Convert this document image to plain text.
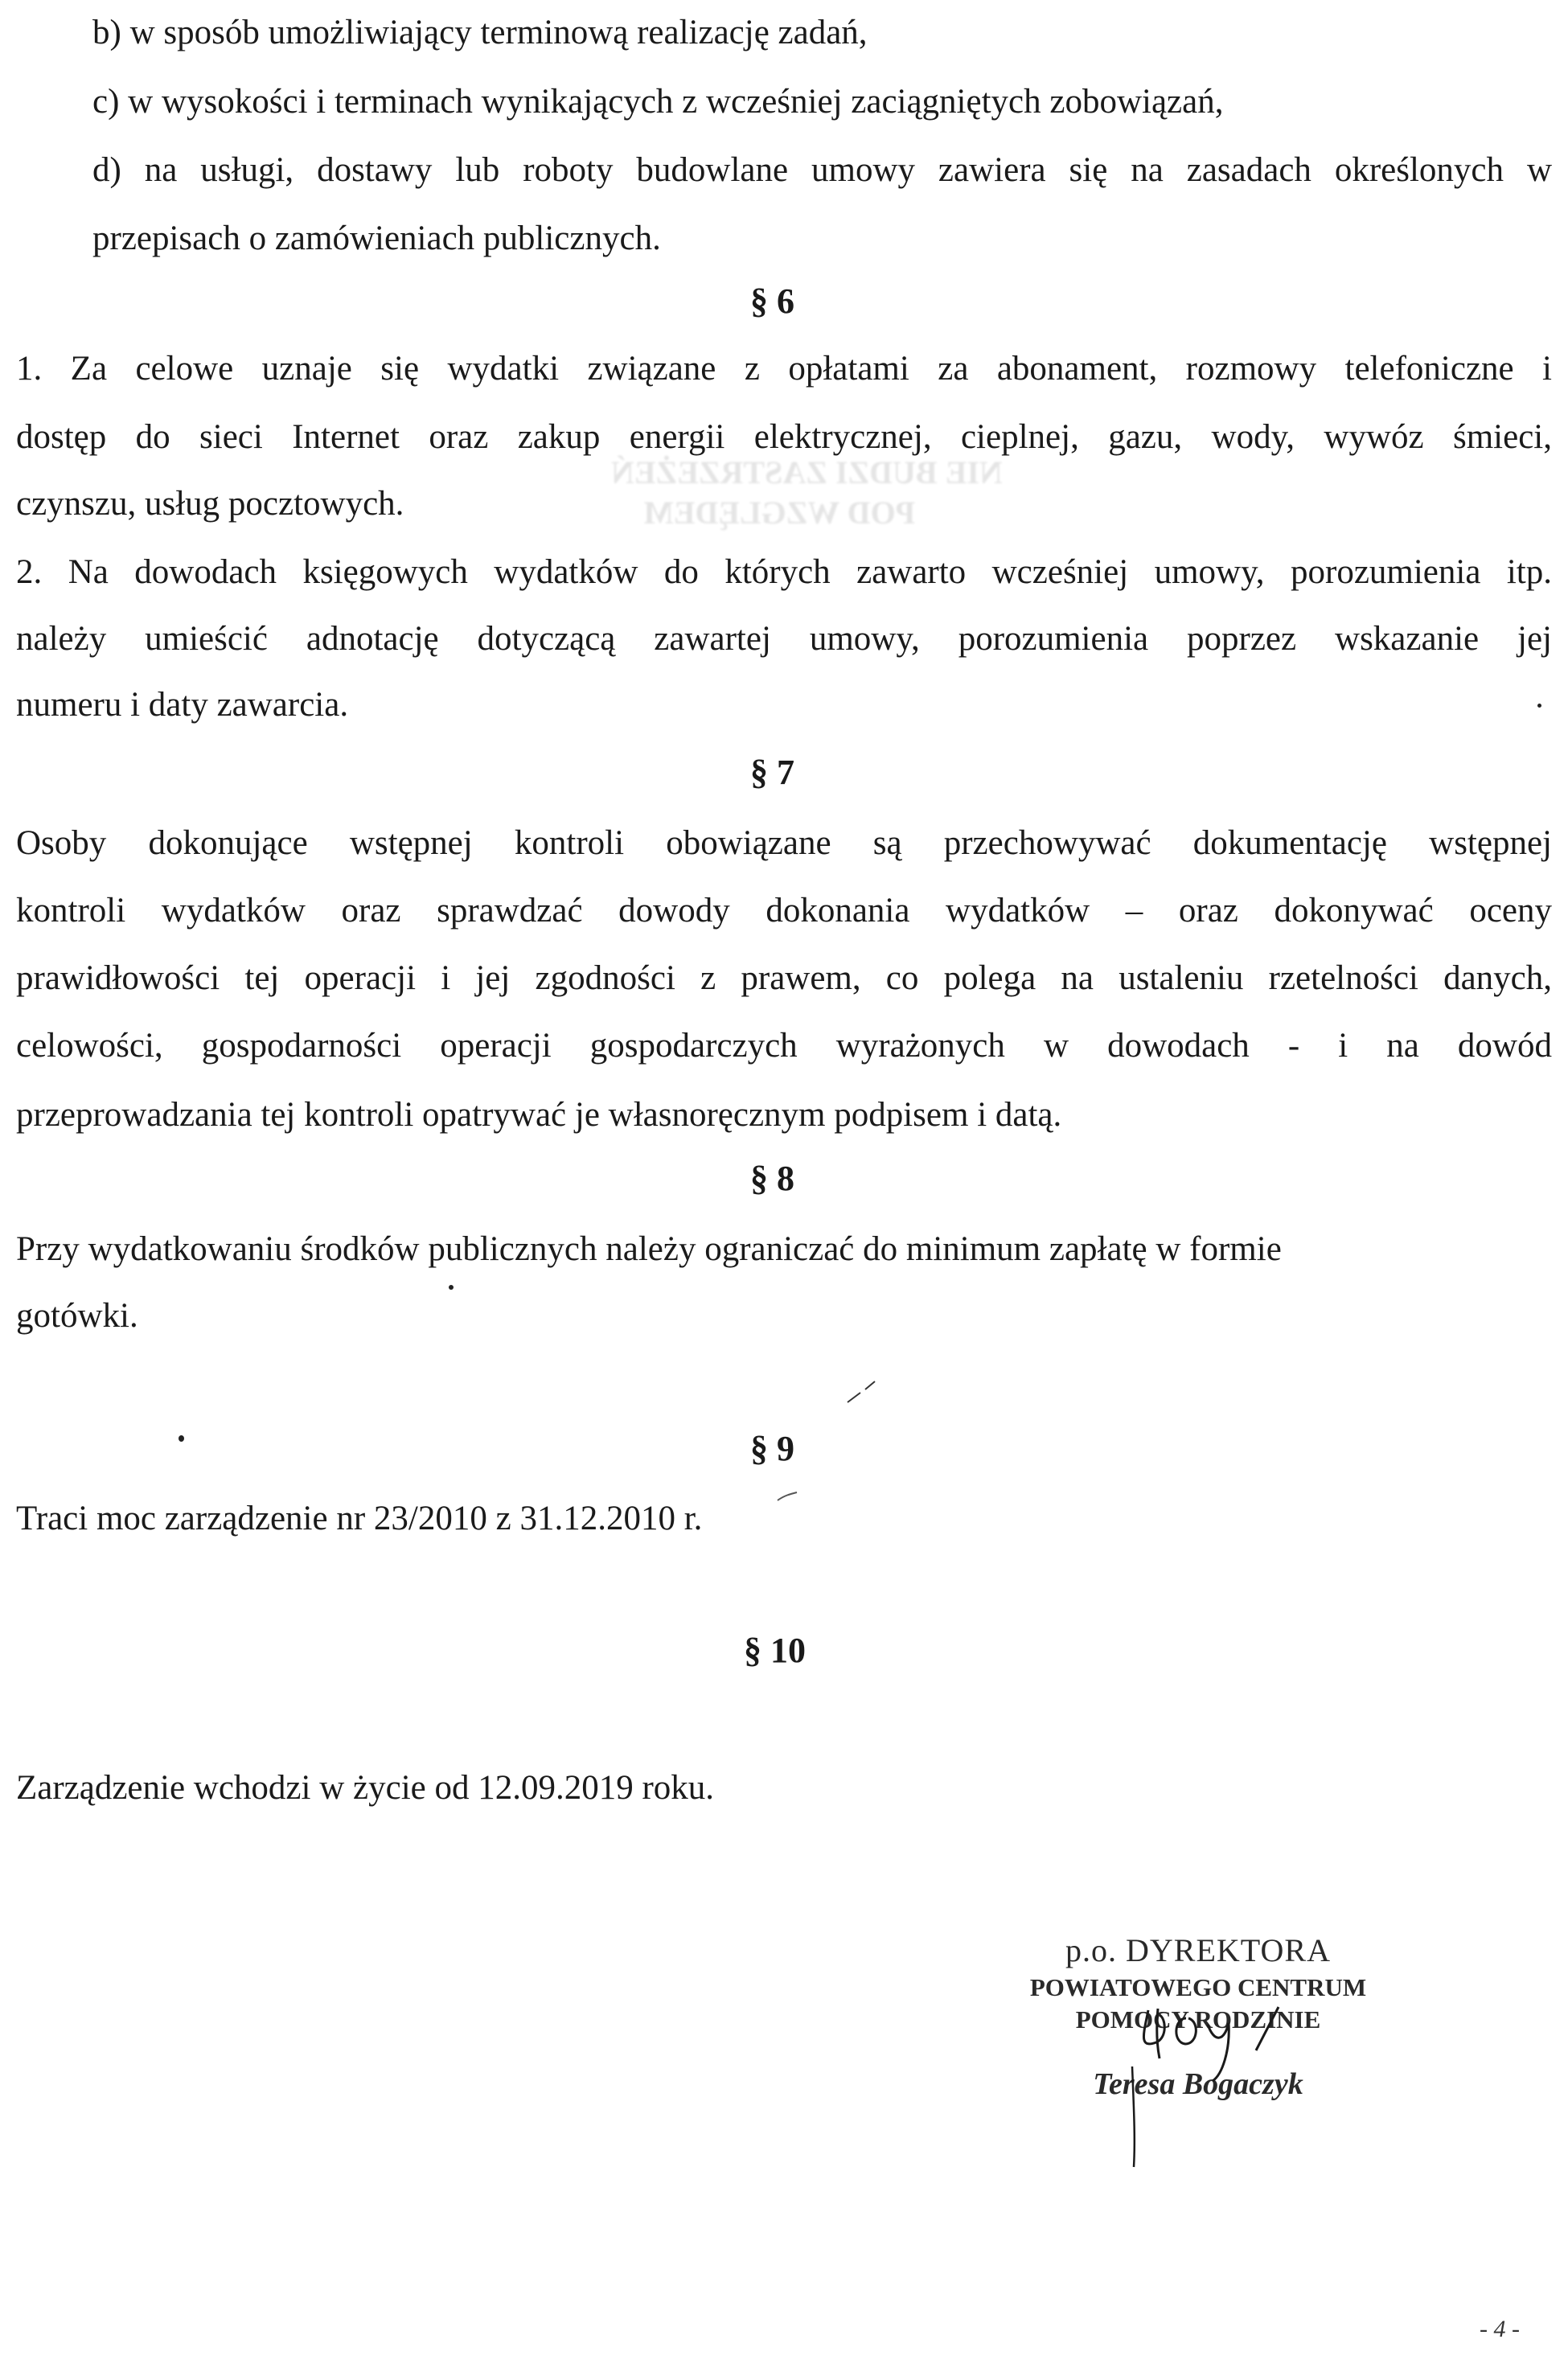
NIE BUDZI ZASTRZEŻEŃ
POD WZGLĘDEM
b) w sposób umożliwiający terminową realizację zadań,
c) w wysokości i terminach wynikających z wcześniej zaciągniętych zobowiązań,
d) na usługi, dostawy lub roboty budowlane umowy zawiera się na zasadach określonych w
przepisach o zamówieniach publicznych.
§ 6
1. Za celowe uznaje się wydatki związane z opłatami za abonament, rozmowy telefoniczne i
dostęp do sieci Internet oraz zakup energii elektrycznej, cieplnej, gazu, wody, wywóz śmieci,
czynszu, usług pocztowych.
2. Na dowodach księgowych wydatków do których zawarto wcześniej umowy, porozumienia itp.
należy umieścić adnotację dotyczącą zawartej umowy, porozumienia poprzez wskazanie jej
numeru i daty zawarcia.
§ 7
Osoby dokonujące wstępnej kontroli obowiązane są przechowywać dokumentację wstępnej
kontroli wydatków oraz sprawdzać dowody dokonania wydatków – oraz dokonywać oceny
prawidłowości tej operacji i jej zgodności z prawem, co polega na ustaleniu rzetelności danych,
celowości, gospodarności operacji gospodarczych wyrażonych w dowodach - i na dowód
przeprowadzania tej kontroli opatrywać je własnoręcznym podpisem i datą.
§ 8
Przy wydatkowaniu środków publicznych należy ograniczać do minimum zapłatę w formie
gotówki.
§ 9
Traci moc zarządzenie nr 23/2010 z 31.12.2010 r.
§ 10
Zarządzenie wchodzi w życie od 12.09.2019 roku.
p.o. DYREKTORA
POWIATOWEGO CENTRUM
POMOCY RODZINIE
Teresa Bogaczyk
- 4 -
